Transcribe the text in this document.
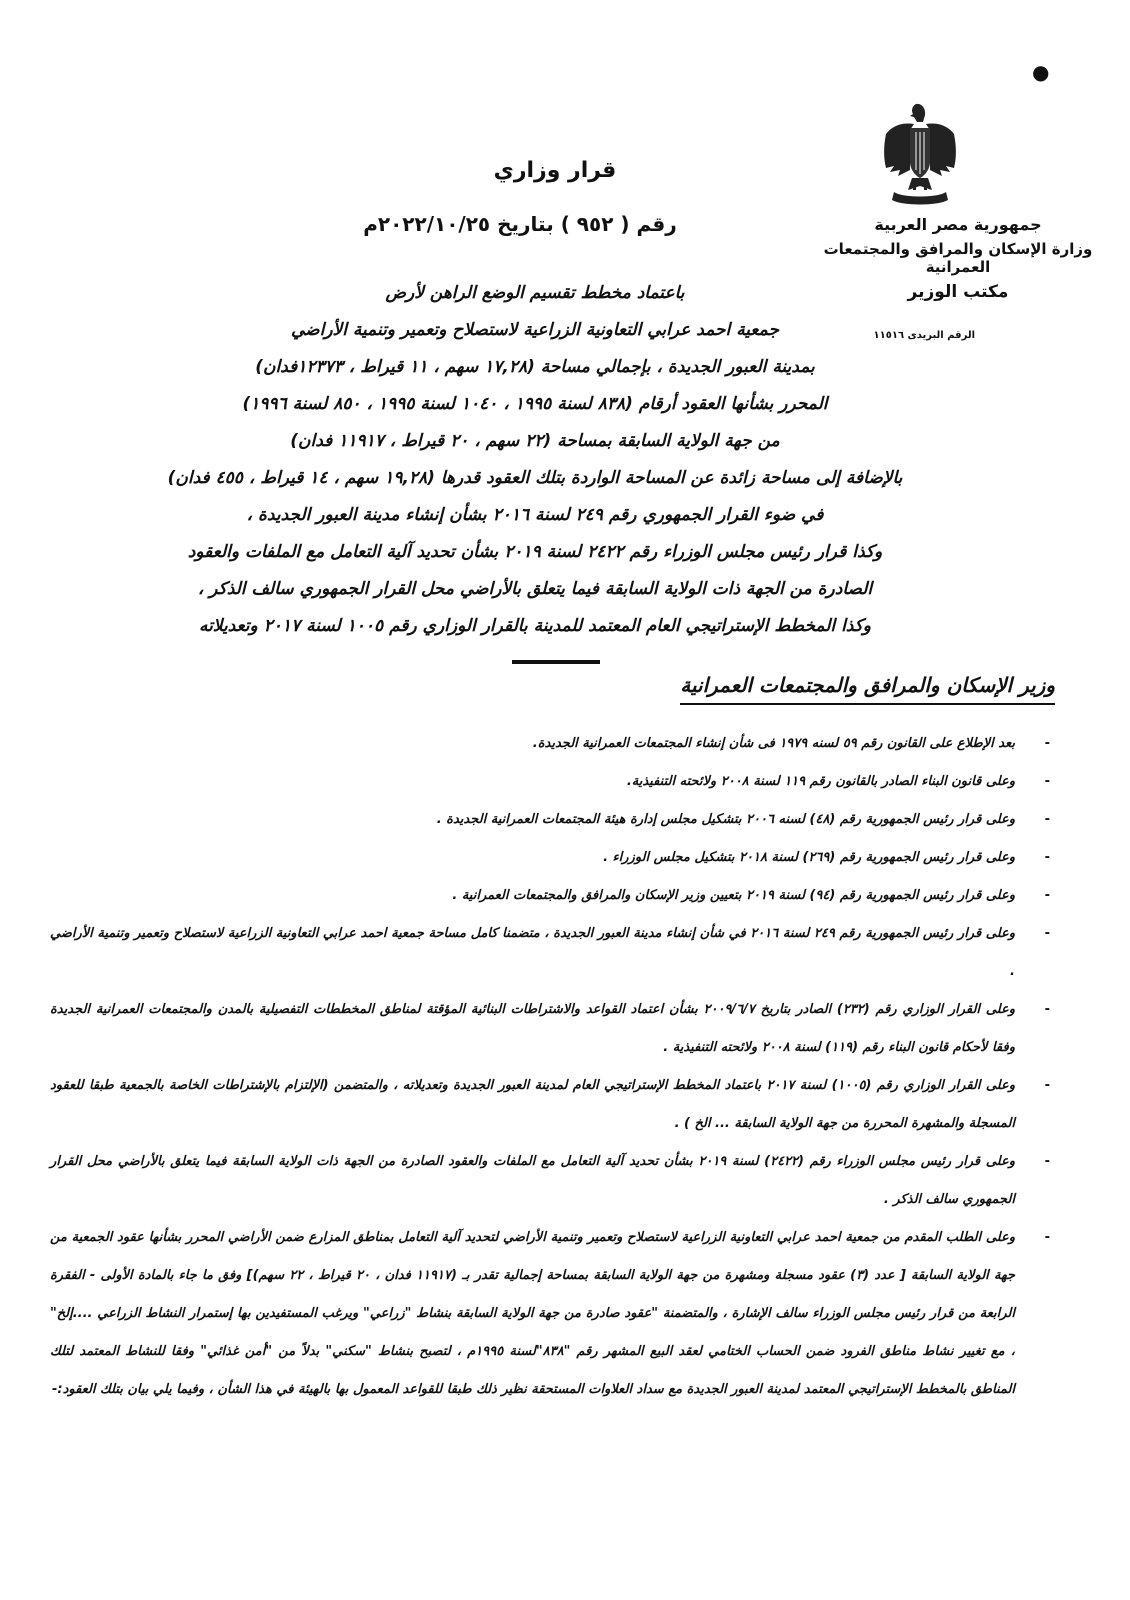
●
قرار وزاري
رقم ( ٩٥٢ ) بتاريخ ٢٠٢٢/١٠/٢٥م	جمهورية مصر العربية
وزارة الإسكان والمرافق والمجتمعات العمرانية
مكتب الوزير
الرقم البريدى ١١٥١٦
باعتماد مخطط تقسيم الوضع الراهن لأرض
جمعية احمد عرابي التعاونية الزراعية لاستصلاح وتعمير وتنمية الأراضي
بمدينة العبور الجديدة ، بإجمالي مساحة (١٧,٢٨ سهم ، ١١ قيراط ، ١٢٣٧٣فدان)
المحرر بشأنها العقود أرقام (٨٣٨ لسنة ١٩٩٥ ، ١٠٤٠ لسنة ١٩٩٥ ، ٨٥٠ لسنة ١٩٩٦)
من جهة الولاية السابقة بمساحة (٢٢ سهم ، ٢٠ قيراط ، ١١٩١٧ فدان)
بالإضافة إلى مساحة زائدة عن المساحة الواردة بتلك العقود قدرها (١٩,٢٨ سهم ، ١٤ قيراط ، ٤٥٥ فدان)
في ضوء القرار الجمهوري رقم ٢٤٩ لسنة ٢٠١٦ بشأن إنشاء مدينة العبور الجديدة ،
وكذا قرار رئيس مجلس الوزراء رقم ٢٤٢٢ لسنة ٢٠١٩ بشأن تحديد آلية التعامل مع الملفات والعقود
الصادرة من الجهة ذات الولاية السابقة فيما يتعلق بالأراضي محل القرار الجمهوري سالف الذكر ،
وكذا المخطط الإستراتيجي العام المعتمد للمدينة بالقرار الوزاري رقم ١٠٠٥ لسنة ٢٠١٧ وتعديلاته
وزير الإسكان والمرافق والمجتمعات العمرانية
-
بعد الإطلاع على القانون رقم ٥٩ لسنه ١٩٧٩ فى شأن إنشاء المجتمعات العمرانية الجديدة.
-
وعلى قانون البناء الصادر بالقانون رقم ١١٩ لسنة ٢٠٠٨ ولائحته التنفيذية.
-
وعلى قرار رئيس الجمهورية رقم (٤٨) لسنه ٢٠٠٦ بتشكيل مجلس إدارة هيئة المجتمعات العمرانية الجديدة .
-
وعلى قرار رئيس الجمهورية رقم (٢٦٩) لسنة ٢٠١٨ بتشكيل مجلس الوزراء .
-
وعلى قرار رئيس الجمهورية رقم (٩٤) لسنة ٢٠١٩ بتعيين وزير الإسكان والمرافق والمجتمعات العمرانية .
-
وعلى قرار رئيس الجمهورية رقم ٢٤٩ لسنة ٢٠١٦ في شأن إنشاء مدينة العبور الجديدة ، متضمنا كامل مساحة جمعية احمد عرابي التعاونية الزراعية لاستصلاح وتعمير وتنمية الأراضي .
-
وعلى القرار الوزاري رقم (٢٣٢) الصادر بتاريخ ٢٠٠٩/٦/٧ بشأن اعتماد القواعد والاشتراطات البنائية المؤقتة لمناطق المخططات التفصيلية بالمدن والمجتمعات العمرانية الجديدة وفقا لأحكام قانون البناء رقم (١١٩) لسنة ٢٠٠٨ ولائحته التنفيذية .
-
وعلى القرار الوزاري رقم (١٠٠٥) لسنة ٢٠١٧ باعتماد المخطط الإستراتيجي العام لمدينة العبور الجديدة وتعديلاته ، والمتضمن (الإلتزام بالإشتراطات الخاصة بالجمعية طبقا للعقود المسجلة والمشهرة المحررة من جهة الولاية السابقة ... الخ ) .
-
وعلى قرار رئيس مجلس الوزراء رقم (٢٤٢٢) لسنة ٢٠١٩ بشأن تحديد آلية التعامل مع الملفات والعقود الصادرة من الجهة ذات الولاية السابقة فيما يتعلق بالأراضي محل القرار الجمهوري سالف الذكر .
-
وعلى الطلب المقدم من جمعية احمد عرابي التعاونية الزراعية لاستصلاح وتعمير وتنمية الأراضي لتحديد آلية التعامل بمناطق المزارع ضمن الأراضي المحرر بشأنها عقود الجمعية من جهة الولاية السابقة [ عدد (٣) عقود مسجلة ومشهرة من جهة الولاية السابقة بمساحة إجمالية تقدر بـ (١١٩١٧ فدان ، ٢٠ قيراط ، ٢٢ سهم)] وفق ما جاء بالمادة الأولى - الفقرة الرابعة من قرار رئيس مجلس الوزراء سالف الإشارة ، والمتضمنة "عقود صادرة من جهة الولاية السابقة بنشاط "زراعي" ويرغب المستفيدين بها إستمرار النشاط الزراعي ....إلخ" ، مع تغيير نشاط مناطق الفرود ضمن الحساب الختامي لعقد البيع المشهر رقم "٨٣٨"لسنة ١٩٩٥م ، لتصبح بنشاط "سكني" بدلاً من "أمن غذائي" وفقا للنشاط المعتمد لتلك المناطق بالمخطط الإستراتيجي المعتمد لمدينة العبور الجديدة مع سداد العلاوات المستحقة نظير ذلك طبقا للقواعد المعمول بها بالهيئة في هذا الشأن ، وفيما يلي بيان بتلك العقود:-
